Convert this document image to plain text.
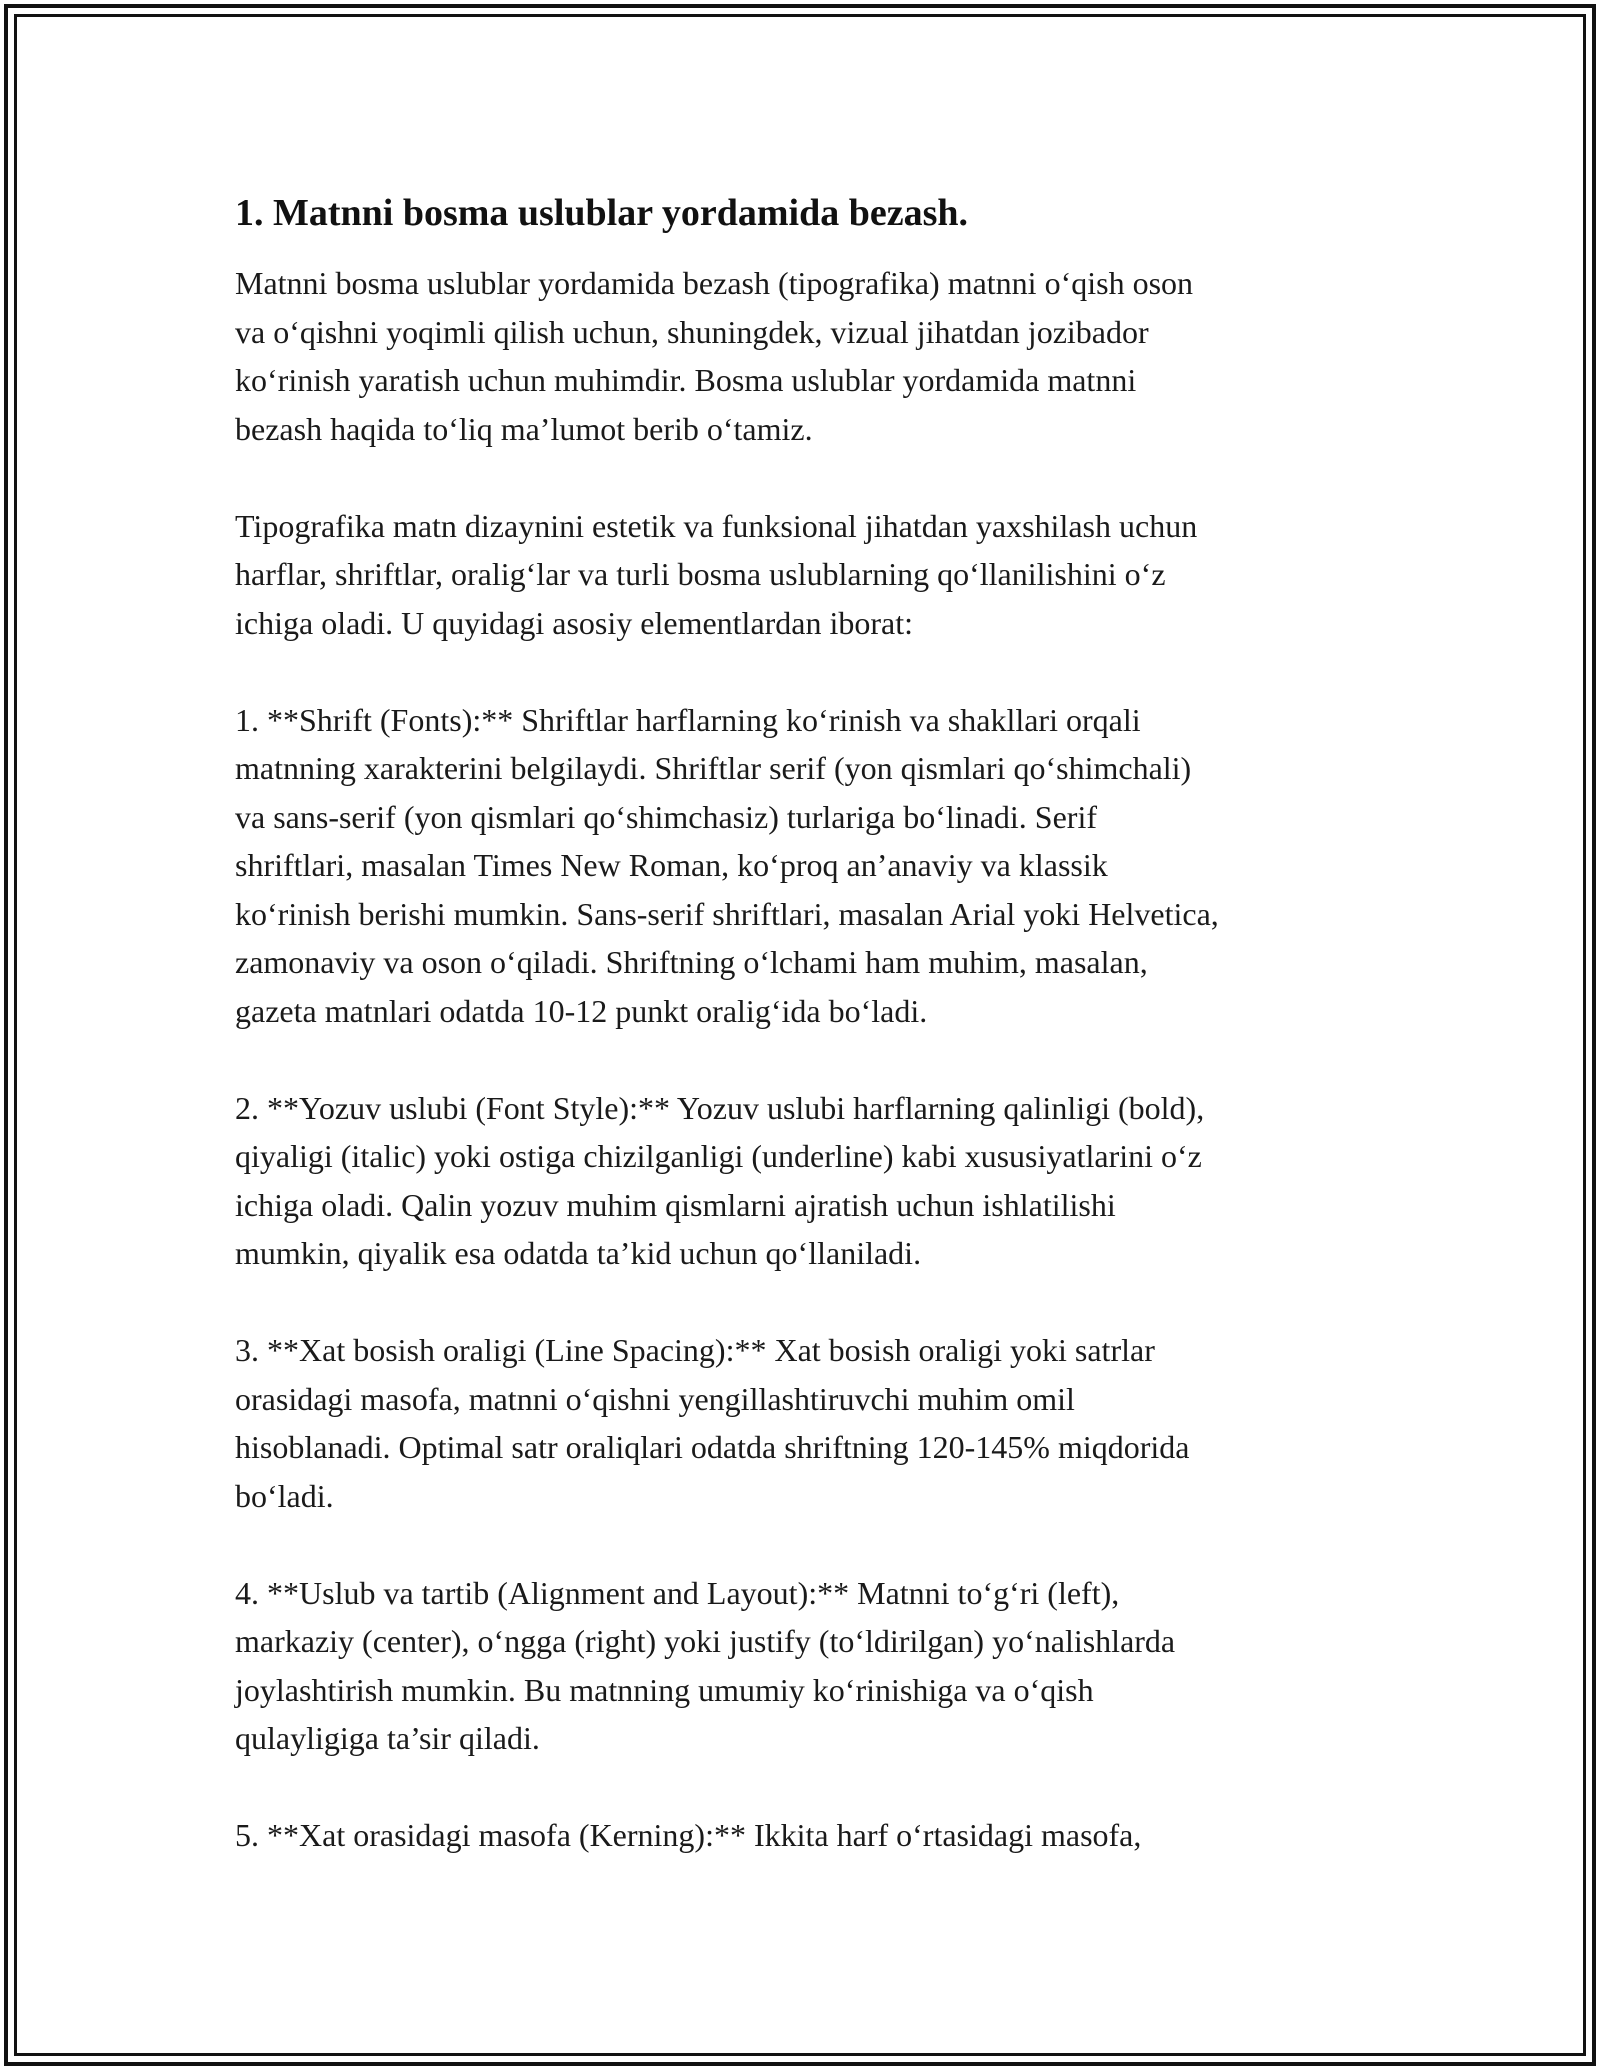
1. Matnni bosma uslublar yordamida bezash.

Matnni bosma uslublar yordamida bezash (tipografika) matnni o‘qish oson
va o‘qishni yoqimli qilish uchun, shuningdek, vizual jihatdan jozibador
ko‘rinish yaratish uchun muhimdir. Bosma uslublar yordamida matnni
bezash haqida to‘liq ma’lumot berib o‘tamiz.

Tipografika matn dizaynini estetik va funksional jihatdan yaxshilash uchun
harflar, shriftlar, oralig‘lar va turli bosma uslublarning qo‘llanilishini o‘z
ichiga oladi. U quyidagi asosiy elementlardan iborat:

1. **Shrift (Fonts):** Shriftlar harflarning ko‘rinish va shakllari orqali
matnning xarakterini belgilaydi. Shriftlar serif (yon qismlari qo‘shimchali)
va sans-serif (yon qismlari qo‘shimchasiz) turlariga bo‘linadi. Serif
shriftlari, masalan Times New Roman, ko‘proq an’anaviy va klassik
ko‘rinish berishi mumkin. Sans-serif shriftlari, masalan Arial yoki Helvetica,
zamonaviy va oson o‘qiladi. Shriftning o‘lchami ham muhim, masalan,
gazeta matnlari odatda 10-12 punkt oralig‘ida bo‘ladi.

2. **Yozuv uslubi (Font Style):** Yozuv uslubi harflarning qalinligi (bold),
qiyaligi (italic) yoki ostiga chizilganligi (underline) kabi xususiyatlarini o‘z
ichiga oladi. Qalin yozuv muhim qismlarni ajratish uchun ishlatilishi
mumkin, qiyalik esa odatda ta’kid uchun qo‘llaniladi.

3. **Xat bosish oraligi (Line Spacing):** Xat bosish oraligi yoki satrlar
orasidagi masofa, matnni o‘qishni yengillashtiruvchi muhim omil
hisoblanadi. Optimal satr oraliqlari odatda shriftning 120-145% miqdorida
bo‘ladi.

4. **Uslub va tartib (Alignment and Layout):** Matnni to‘g‘ri (left),
markaziy (center), o‘ngga (right) yoki justify (to‘ldirilgan) yo‘nalishlarda
joylashtirish mumkin. Bu matnning umumiy ko‘rinishiga va o‘qish
qulayligiga ta’sir qiladi.

5. **Xat orasidagi masofa (Kerning):** Ikkita harf o‘rtasidagi masofa,
